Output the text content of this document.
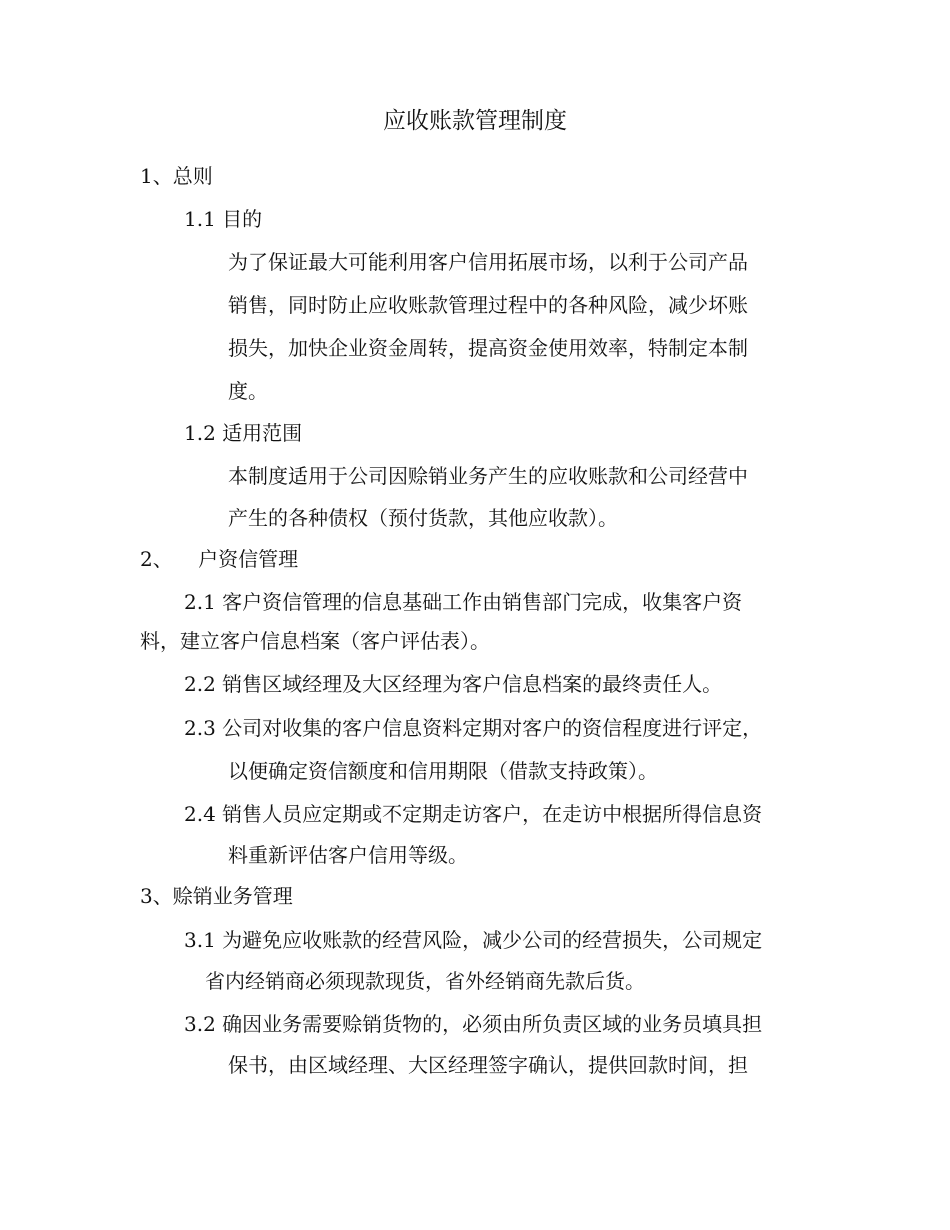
应收账款管理制度
1、总则
1.1 目的
为了保证最大可能利用客户信用拓展市场，以利于公司产品
销售，同时防止应收账款管理过程中的各种风险，减少坏账
损失，加快企业资金周转，提高资金使用效率，特制定本制
度。
1.2 适用范围
本制度适用于公司因赊销业务产生的应收账款和公司经营中
产生的各种债权（预付货款，其他应收款）。
2、    户资信管理
2.1 客户资信管理的信息基础工作由销售部门完成，收集客户资
料，建立客户信息档案（客户评估表）。
2.2 销售区域经理及大区经理为客户信息档案的最终责任人。
2.3 公司对收集的客户信息资料定期对客户的资信程度进行评定，
以便确定资信额度和信用期限（借款支持政策）。
2.4 销售人员应定期或不定期走访客户，在走访中根据所得信息资
料重新评估客户信用等级。
3、赊销业务管理
3.1 为避免应收账款的经营风险，减少公司的经营损失，公司规定
省内经销商必须现款现货，省外经销商先款后货。
3.2 确因业务需要赊销货物的，必须由所负责区域的业务员填具担
保书，由区域经理、大区经理签字确认，提供回款时间，担
